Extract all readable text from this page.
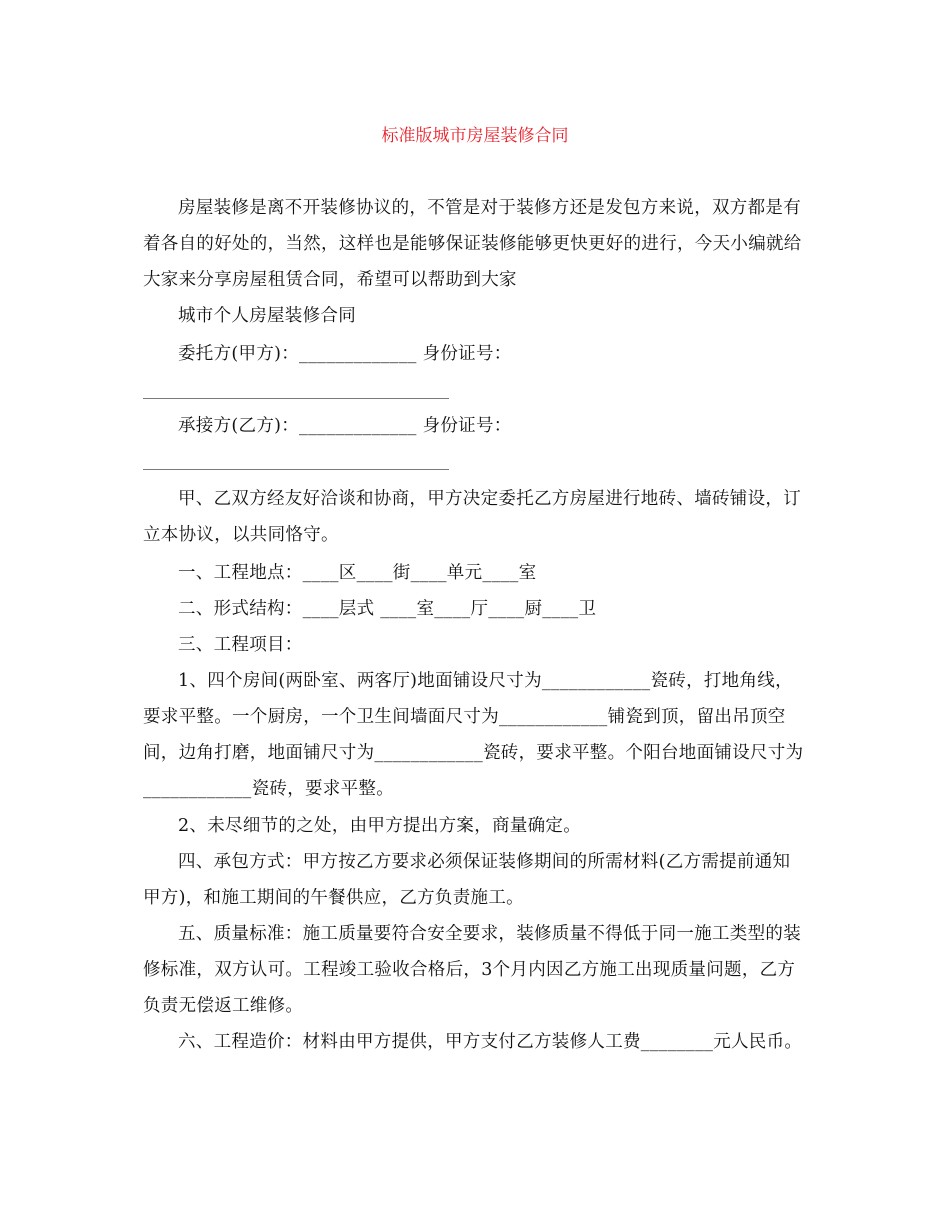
标准版城市房屋装修合同

房屋装修是离不开装修协议的，不管是对于装修方还是发包方来说，双方都是有着各自的好处的，当然，这样也是能够保证装修能够更快更好的进行，今天小编就给大家来分享房屋租赁合同，希望可以帮助到大家

城市个人房屋装修合同

委托方(甲方)：_____________ 身份证号：

承接方(乙方)：_____________ 身份证号：

甲、乙双方经友好洽谈和协商，甲方决定委托乙方房屋进行地砖、墙砖铺设，订立本协议，以共同恪守。

一、工程地点：____区____街____单元____室

二、形式结构：____层式 ____室____厅____厨____卫

三、工程项目：

1、四个房间(两卧室、两客厅)地面铺设尺寸为____________瓷砖，打地角线，要求平整。一个厨房，一个卫生间墙面尺寸为____________铺瓷到顶，留出吊顶空间，边角打磨，地面铺尺寸为____________瓷砖，要求平整。个阳台地面铺设尺寸为____________瓷砖，要求平整。

2、未尽细节的之处，由甲方提出方案，商量确定。

四、承包方式：甲方按乙方要求必须保证装修期间的所需材料(乙方需提前通知甲方)，和施工期间的午餐供应，乙方负责施工。

五、质量标准：施工质量要符合安全要求，装修质量不得低于同一施工类型的装修标准，双方认可。工程竣工验收合格后，3个月内因乙方施工出现质量问题，乙方负责无偿返工维修。

六、工程造价：材料由甲方提供，甲方支付乙方装修人工费________元人民币。
